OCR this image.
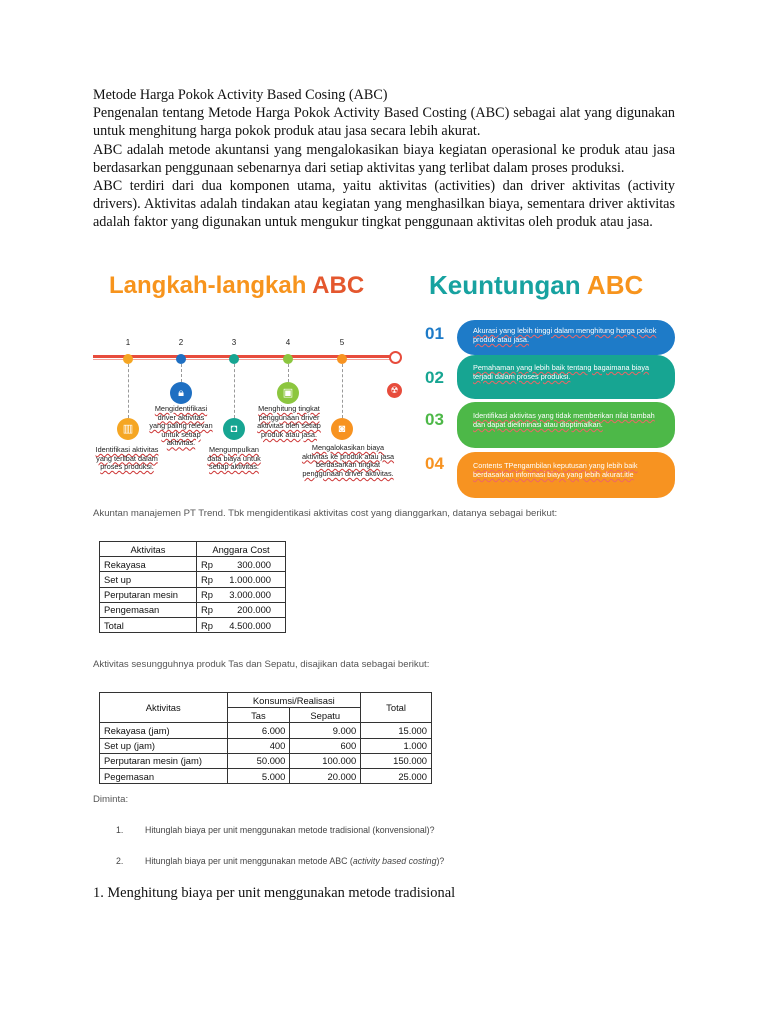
Metode Harga Pokok Activity Based Cosing (ABC)

Pengenalan tentang Metode Harga Pokok Activity Based Costing (ABC) sebagai alat yang digunakan untuk menghitung harga pokok produk atau jasa secara lebih akurat.

ABC adalah metode akuntansi yang mengalokasikan biaya kegiatan operasional ke produk atau jasa berdasarkan penggunaan sebenarnya dari setiap aktivitas yang terlibat dalam proses produksi.

ABC terdiri dari dua komponen utama, yaitu aktivitas (activities) dan driver aktivitas (activity drivers). Aktivitas adalah tindakan atau kegiatan yang menghasilkan biaya, sementara driver aktivitas adalah faktor yang digunakan untuk mengukur tingkat penggunaan aktivitas oleh produk atau jasa.

Langkah-langkah ABC Keuntungan ABC
☢
1
▥
Identifikasi aktivitas yang terlibat dalam proses produksi.
2
🔒︎
Mengidentifikasi driver aktivitas yang paling relevan untuk setiap aktivitas.
3
◘
Mengumpulkan data biaya untuk setiap aktivitas.
4
▣
Menghitung tingkat penggunaan driver aktivitas oleh setiap produk atau jasa.
5
◙
Mengalokasikan biaya aktivitas ke produk atau jasa berdasarkan tingkat penggunaan driver aktivitas.
01	Akurasi yang lebih tinggi dalam menghitung harga pokok produk atau jasa.
02
Pemahaman yang lebih baik tentang bagaimana biaya terjadi dalam proses produksi.
03	Identifikasi aktivitas yang tidak memberikan nilai tambah dan dapat dieliminasi atau dioptimalkan.
04	Contents TPengambilan keputusan yang lebih baik berdasarkan informasi biaya yang lebih akurat.itle
Akuntan manajemen PT Trend. Tbk mengidentikasi aktivitas cost yang dianggarkan, datanya sebagai berikut:
Aktivitas	Anggara Cost	
Rekayasa	Rp	300.000
Set up	Rp	1.000.000
Perputaran mesin	Rp	3.000.000
Pengemasan	Rp	200.000
Total	Rp	4.500.000
Aktivitas sesungguhnya produk Tas dan Sepatu, disajikan data sebagai berikut:
Aktivitas	Konsumsi/Realisasi		Total
	Tas	Sepatu	
Rekayasa (jam)	6.000	9.000	15.000
Set up (jam)	400	600	1.000
Perputaran mesin (jam)	50.000	100.000	150.000
Pegemasan	5.000	20.000	25.000
Diminta:
1. Hitunglah biaya per unit menggunakan metode tradisional (konvensional)?
2. Hitunglah biaya per unit menggunakan metode ABC (activity based costing)?
1. Menghitung biaya per unit menggunakan metode tradisional
